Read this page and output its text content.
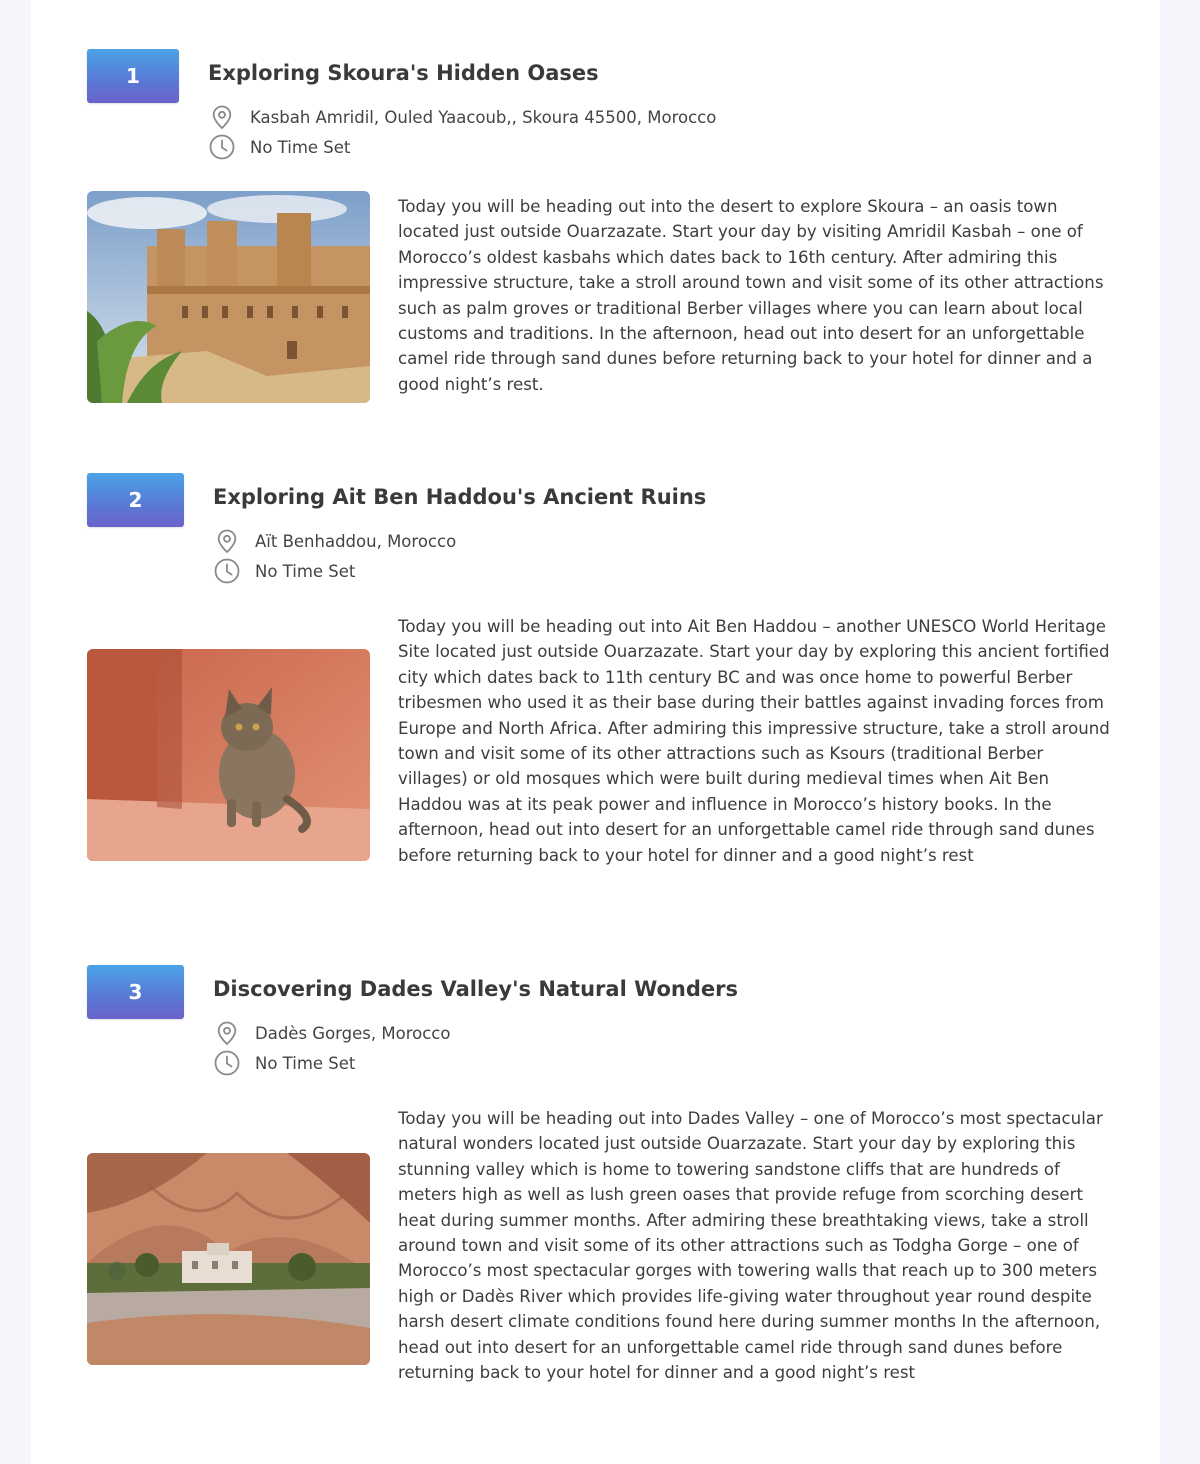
1	Exploring Skoura's Hidden Oases
Kasbah Amridil, Ouled Yaacoub,, Skoura 45500, Morocco
No Time Set

Today you will be heading out into the desert to explore Skoura – an oasis town located just outside Ouarzazate. Start your day by visiting Amridil Kasbah – one of Morocco’s oldest kasbahs which dates back to 16th century. After admiring this impressive structure, take a stroll around town and visit some of its other attractions such as palm groves or traditional Berber villages where you can learn about local customs and traditions. In the afternoon, head out into desert for an unforgettable camel ride through sand dunes before returning back to your hotel for dinner and a good night’s rest.

2	Exploring Ait Ben Haddou's Ancient Ruins
Aït Benhaddou, Morocco
No Time Set

Today you will be heading out into Ait Ben Haddou – another UNESCO World Heritage Site located just outside Ouarzazate. Start your day by exploring this ancient fortified city which dates back to 11th century BC and was once home to powerful Berber tribesmen who used it as their base during their battles against invading forces from Europe and North Africa. After admiring this impressive structure, take a stroll around town and visit some of its other attractions such as Ksours (traditional Berber villages) or old mosques which were built during medieval times when Ait Ben Haddou was at its peak power and influence in Morocco’s history books. In the afternoon, head out into desert for an unforgettable camel ride through sand dunes before returning back to your hotel for dinner and a good night’s rest

3	Discovering Dades Valley's Natural Wonders
Dadès Gorges, Morocco
No Time Set

Today you will be heading out into Dades Valley – one of Morocco’s most spectacular natural wonders located just outside Ouarzazate. Start your day by exploring this stunning valley which is home to towering sandstone cliffs that are hundreds of meters high as well as lush green oases that provide refuge from scorching desert heat during summer months. After admiring these breathtaking views, take a stroll around town and visit some of its other attractions such as Todgha Gorge – one of Morocco’s most spectacular gorges with towering walls that reach up to 300 meters high or Dadès River which provides life-giving water throughout year round despite harsh desert climate conditions found here during summer months In the afternoon, head out into desert for an unforgettable camel ride through sand dunes before returning back to your hotel for dinner and a good night’s rest
